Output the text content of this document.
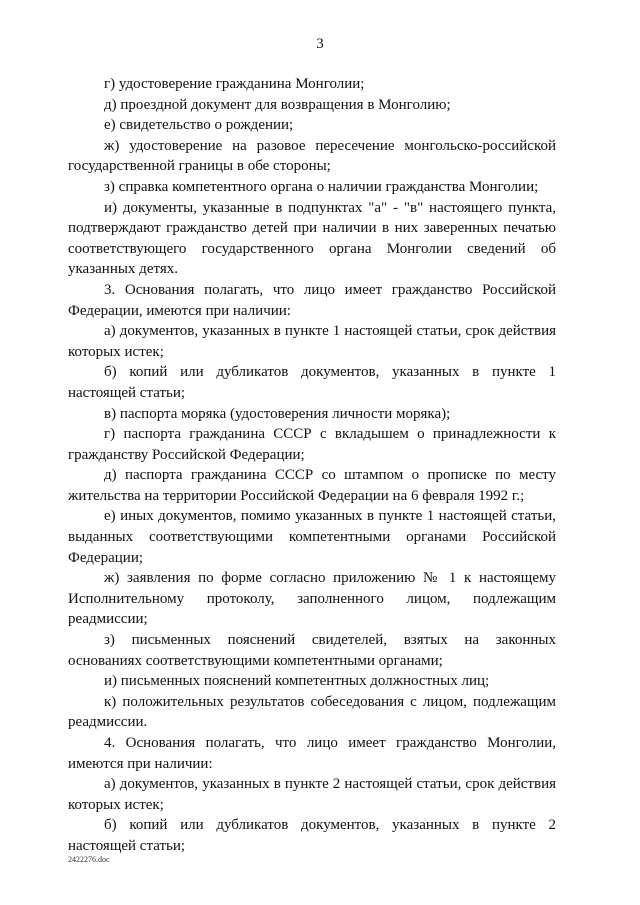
3

г) удостоверение гражданина Монголии;

д) проездной документ для возвращения в Монголию;

е) свидетельство о рождении;

ж) удостоверение на разовое пересечение монгольско-российской государственной границы в обе стороны;

з) справка компетентного органа о наличии гражданства Монголии;

и) документы, указанные в подпунктах "а" - "в" настоящего пункта, подтверждают гражданство детей при наличии в них заверенных печатью соответствующего государственного органа Монголии сведений об указанных детях.

3. Основания полагать, что лицо имеет гражданство Российской Федерации, имеются при наличии:

а) документов, указанных в пункте 1 настоящей статьи, срок действия которых истек;

б) копий или дубликатов документов, указанных в пункте 1 настоящей статьи;

в) паспорта моряка (удостоверения личности моряка);

г) паспорта гражданина СССР с вкладышем о принадлежности к гражданству Российской Федерации;

д) паспорта гражданина СССР со штампом о прописке по месту жительства на территории Российской Федерации на 6 февраля 1992 г.;

е) иных документов, помимо указанных в пункте 1 настоящей статьи, выданных соответствующими компетентными органами Российской Федерации;

ж) заявления по форме согласно приложению № 1 к настоящему Исполнительному протоколу, заполненного лицом, подлежащим реадмиссии;

з) письменных пояснений свидетелей, взятых на законных основаниях соответствующими компетентными органами;

и) письменных пояснений компетентных должностных лиц;

к) положительных результатов собеседования с лицом, подлежащим реадмиссии.

4. Основания полагать, что лицо имеет гражданство Монголии, имеются при наличии:

а) документов, указанных в пункте 2 настоящей статьи, срок действия которых истек;

б) копий или дубликатов документов, указанных в пункте 2 настоящей статьи;

2422276.doc
